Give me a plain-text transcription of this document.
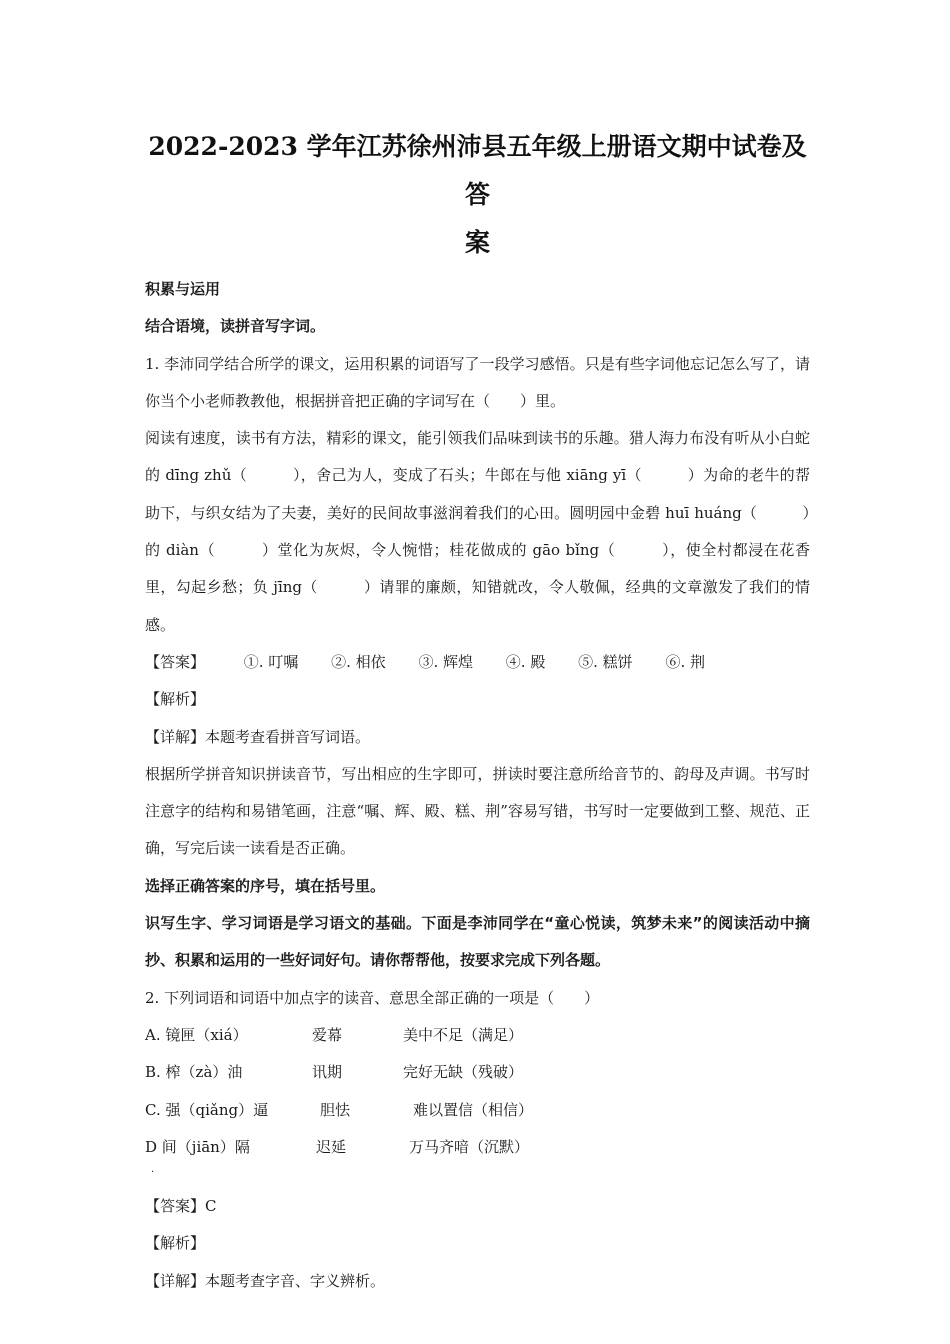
2022-2023 学年江苏徐州沛县五年级上册语文期中试卷及答
案
积累与运用
结合语境，读拼音写字词。
1. 李沛同学结合所学的课文，运用积累的词语写了一段学习感悟。只是有些字词他忘记怎么写了，请你当个小老师教教他，根据拼音把正确的字词写在（　　）里。
阅读有速度，读书有方法，精彩的课文，能引领我们品味到读书的乐趣。猎人海力布没有听从小白蛇的 dīng zhǔ（　　　），舍己为人，变成了石头；牛郎在与他 xiāng yī（　　　）为命的老牛的帮助下，与织女结为了夫妻，美好的民间故事滋润着我们的心田。圆明园中金碧 huī huáng（　　　）的 diàn（　　　）堂化为灰烬，令人惋惜；桂花做成的 gāo bǐng（　　　），使全村都浸在花香里，勾起乡愁；负 jīng（　　　）请罪的廉颇，知错就改，令人敬佩，经典的文章激发了我们的情感。
【答案】	①. 叮嘱 ②. 相依 ③. 辉煌 ④. 殿 ⑤. 糕饼 ⑥. 荆
【解析】
【详解】本题考查看拼音写词语。
根据所学拼音知识拼读音节，写出相应的生字即可，拼读时要注意所给音节的、韵母及声调。书写时注意字的结构和易错笔画，注意“嘱、辉、殿、糕、荆”容易写错，书写时一定要做到工整、规范、正确，写完后读一读看是否正确。
选择正确答案的序号，填在括号里。
识写生字、学习词语是学习语文的基础。下面是李沛同学在“童心悦读，筑梦未来”的阅读活动中摘抄、积累和运用的一些好词好句。请你帮帮他，按要求完成下列各题。
2. 下列词语和词语中加点字的读音、意思全部正确的一项是（　　）
A. 镜匣（xiá）	爱幕	美中不足（满足）
B. 榨（zà）油	讯期	完好无缺（残破）
C. 强（qiǎng）逼	胆怯	难以置信（相信）
D 间（jiān）隔	迟延	万马齐喑（沉默）
·
【答案】C
【解析】
【详解】本题考查字音、字义辨析。
